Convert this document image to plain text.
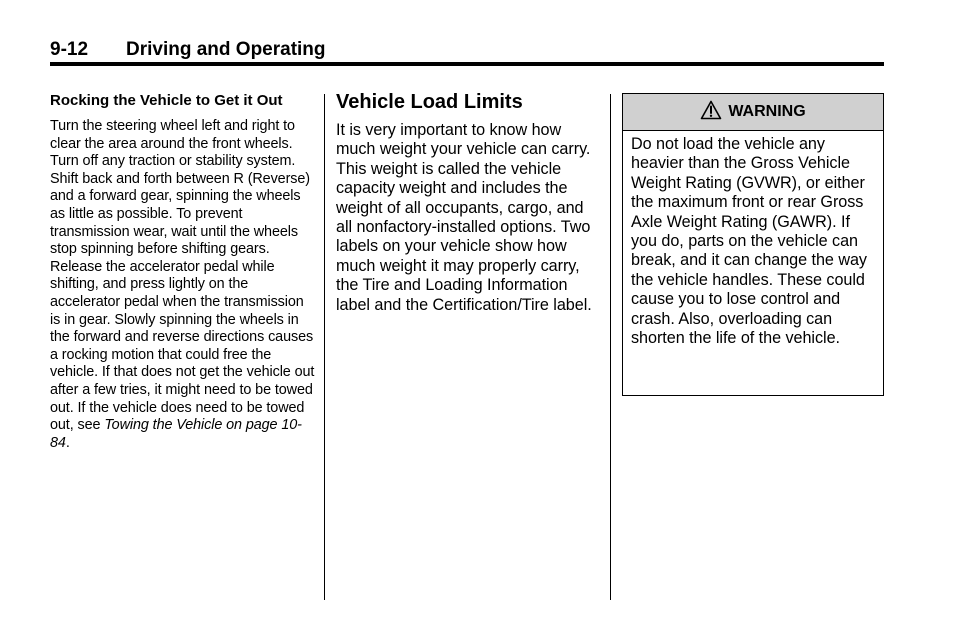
9-12 Driving and Operating
Rocking the Vehicle to Get it Out

Turn the steering wheel left and right to clear the area around the front wheels. Turn off any traction or stability system. Shift back and forth between R (Reverse) and a forward gear, spinning the wheels as little as possible. To prevent transmission wear, wait until the wheels stop spinning before shifting gears. Release the accelerator pedal while shifting, and press lightly on the accelerator pedal when the transmission is in gear. Slowly spinning the wheels in the forward and reverse directions causes a rocking motion that could free the vehicle. If that does not get the vehicle out after a few tries, it might need to be towed out. If the vehicle does need to be towed out, see Towing the Vehicle on page 10-84.

Vehicle Load Limits

It is very important to know how much weight your vehicle can carry. This weight is called the vehicle capacity weight and includes the weight of all occupants, cargo, and all nonfactory-installed options. Two labels on your vehicle show how much weight it may properly carry, the Tire and Loading Information label and the Certification/Tire label.

WARNING
Do not load the vehicle any heavier than the Gross Vehicle Weight Rating (GVWR), or either the maximum front or rear Gross Axle Weight Rating (GAWR). If you do, parts on the vehicle can break, and it can change the way the vehicle handles. These could cause you to lose control and crash. Also, overloading can shorten the life of the vehicle.
